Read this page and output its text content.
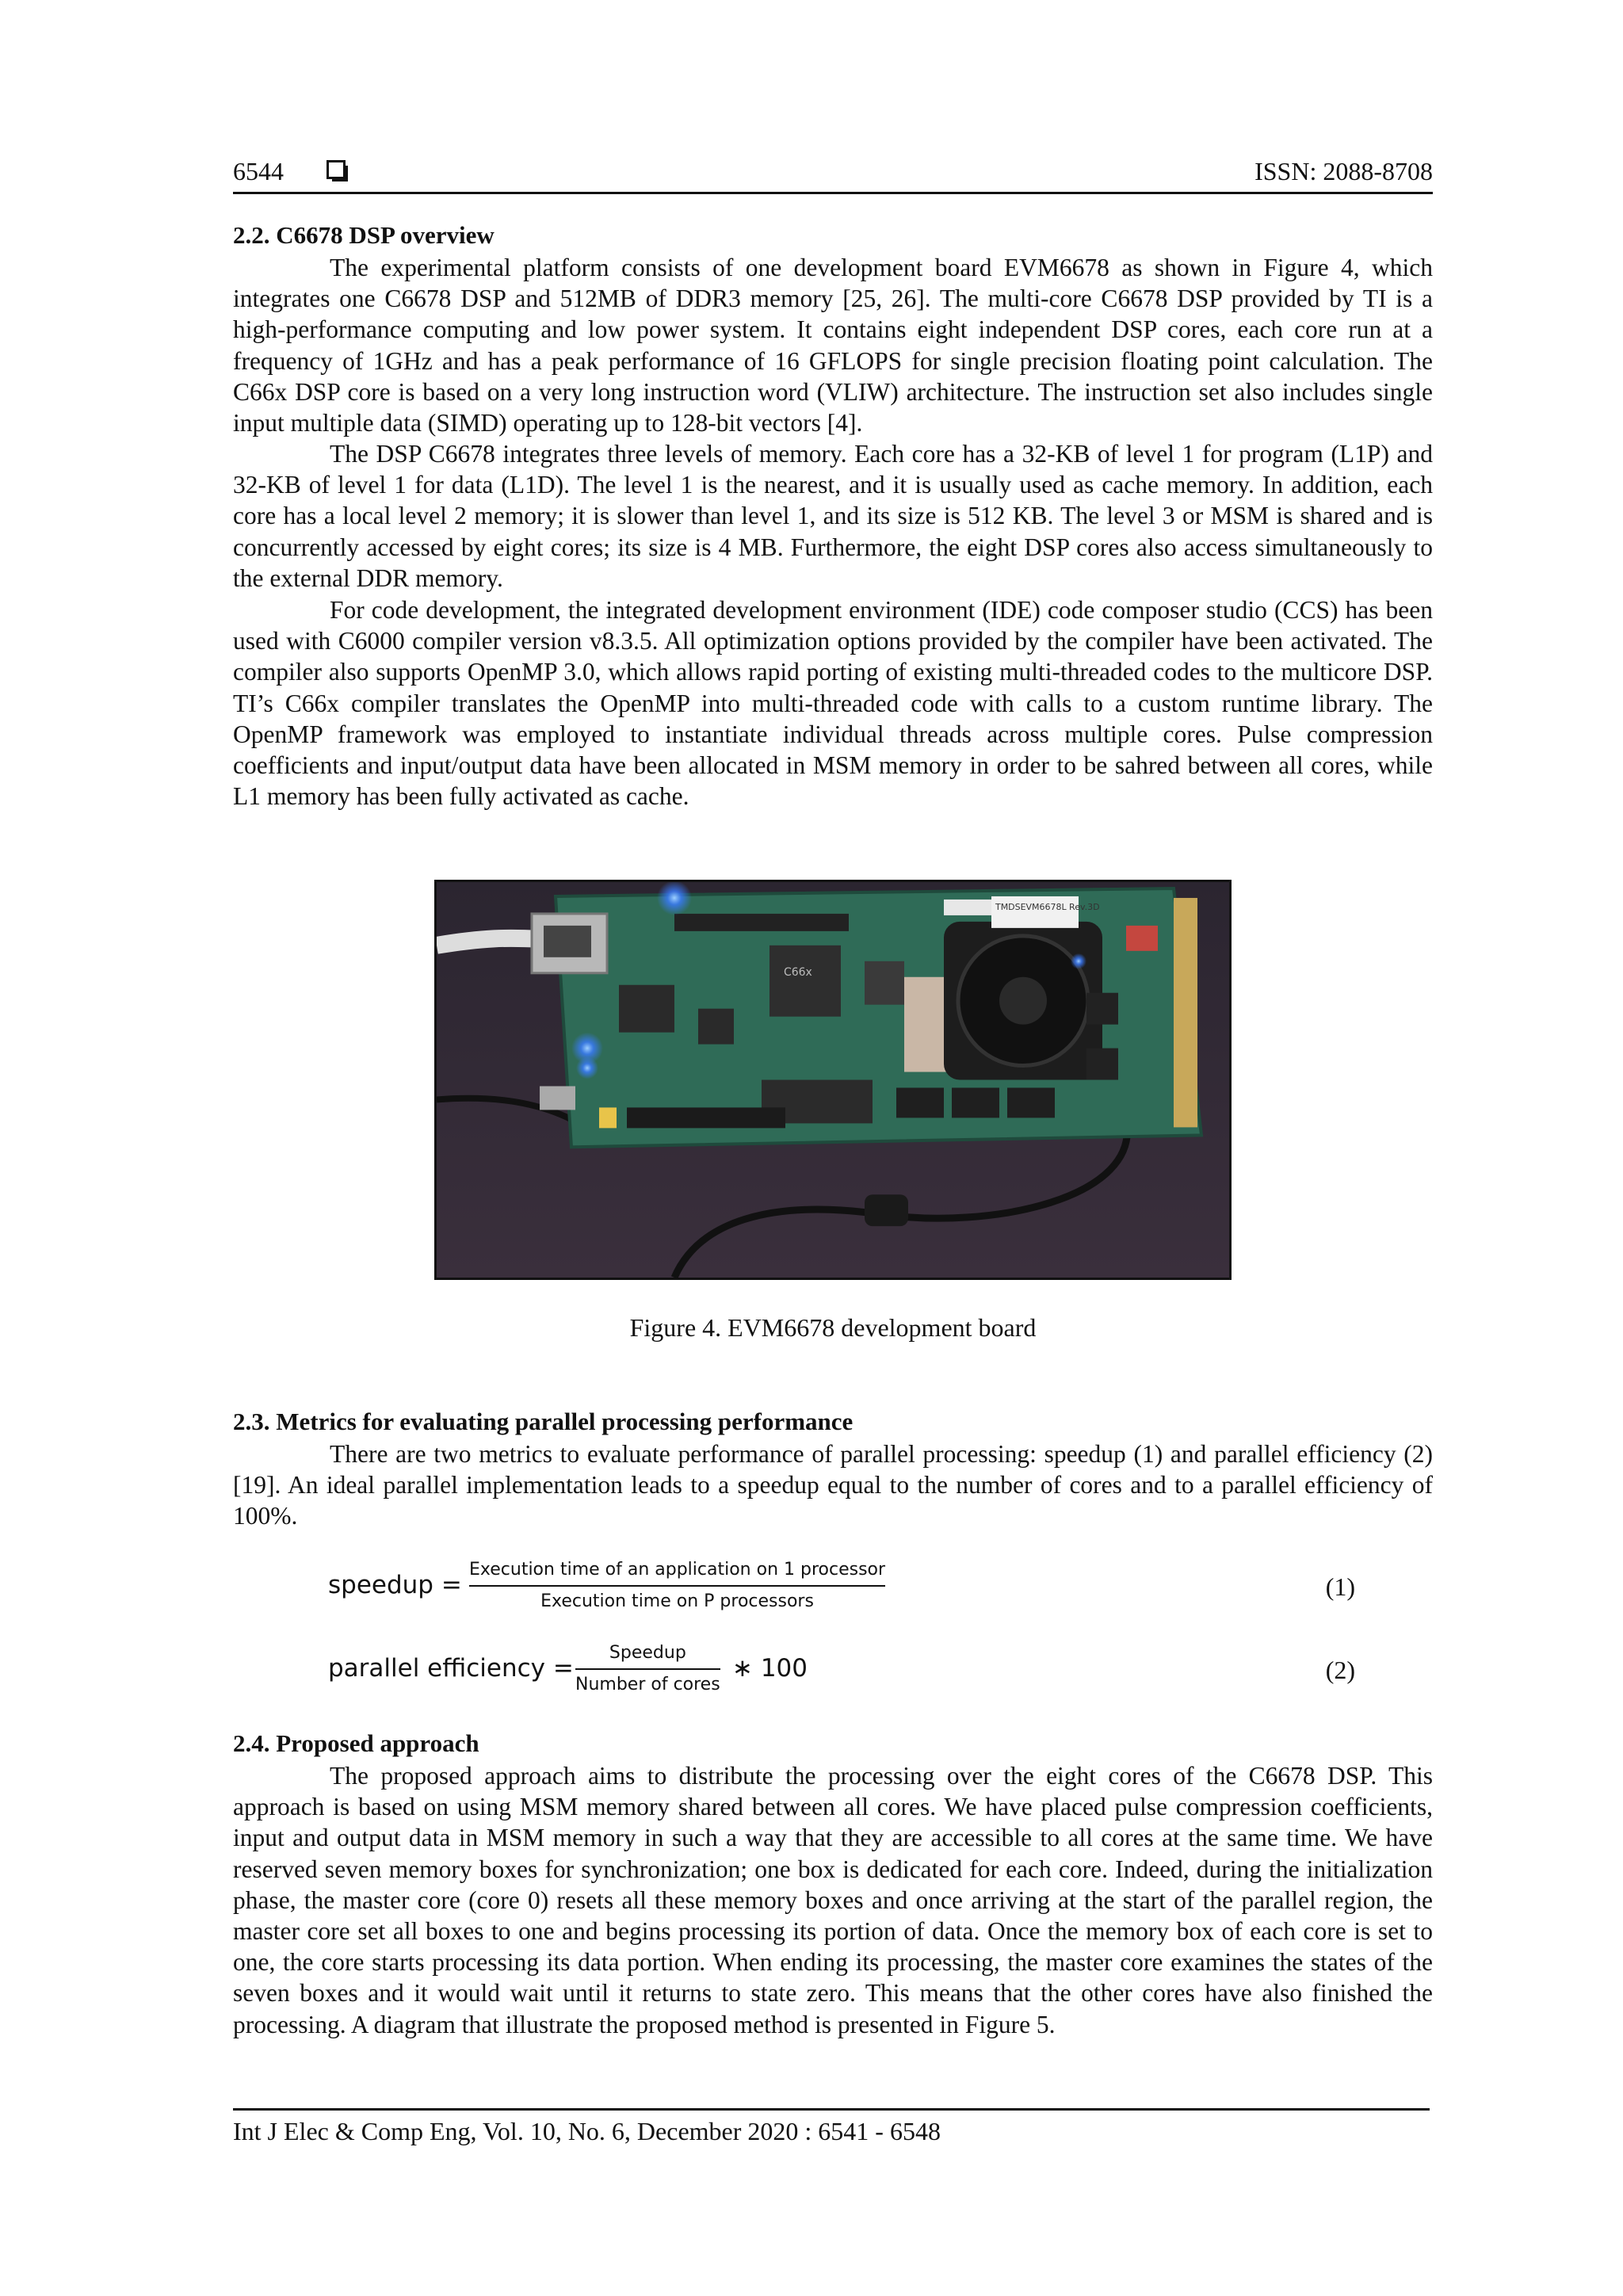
6544	ISSN: 2088-8708
2.2. C6678 DSP overview

The experimental platform consists of one development board EVM6678 as shown in Figure 4, which integrates one C6678 DSP and 512MB of DDR3 memory [25, 26]. The multi-core C6678 DSP provided by TI is a high-performance computing and low power system. It contains eight independent DSP cores, each core run at a frequency of 1GHz and has a peak performance of 16 GFLOPS for single precision floating point calculation. The C66x DSP core is based on a very long instruction word (VLIW) architecture. The instruction set also includes single input multiple data (SIMD) operating up to 128-bit vectors [4].

The DSP C6678 integrates three levels of memory. Each core has a 32-KB of level 1 for program (L1P) and 32-KB of level 1 for data (L1D). The level 1 is the nearest, and it is usually used as cache memory. In addition, each core has a local level 2 memory; it is slower than level 1, and its size is 512 KB. The level 3 or MSM is shared and is concurrently accessed by eight cores; its size is 4 MB. Furthermore, the eight DSP cores also access simultaneously to the external DDR memory.

For code development, the integrated development environment (IDE) code composer studio (CCS) has been used with C6000 compiler version v8.3.5. All optimization options provided by the compiler have been activated. The compiler also supports OpenMP 3.0, which allows rapid porting of existing multi-threaded codes to the multicore DSP. TI’s C66x compiler translates the OpenMP into multi-threaded code with calls to a custom runtime library. The OpenMP framework was employed to instantiate individual threads across multiple cores. Pulse compression coefficients and input/output data have been allocated in MSM memory in order to be sahred between all cores, while L1 memory has been fully activated as cache.

C66x
TMDSEVM6678L Rev.3D
Figure 4. EVM6678 development board
2.3. Metrics for evaluating parallel processing performance

There are two metrics to evaluate performance of parallel processing: speedup (1) and parallel efficiency (2) [19]. An ideal parallel implementation leads to a speedup equal to the number of cores and to a parallel efficiency of 100%.

speedup =
Execution time of an application on 1 processor
Execution time on P processors
(1)
parallel efficiency =
Speedup
Number of cores
∗ 100	(2)
2.4. Proposed approach

The proposed approach aims to distribute the processing over the eight cores of the C6678 DSP. This approach is based on using MSM memory shared between all cores. We have placed pulse compression coefficients, input and output data in MSM memory in such a way that they are accessible to all cores at the same time. We have reserved seven memory boxes for synchronization; one box is dedicated for each core. Indeed, during the initialization phase, the master core (core 0) resets all these memory boxes and once arriving at the start of the parallel region, the master core set all boxes to one and begins processing its portion of data. Once the memory box of each core is set to one, the core starts processing its data portion. When ending its processing, the master core examines the states of the seven boxes and it would wait until it returns to state zero. This means that the other cores have also finished the processing. A diagram that illustrate the proposed method is presented in Figure 5.

Int J Elec & Comp Eng, Vol. 10, No. 6, December 2020 : 6541 - 6548
